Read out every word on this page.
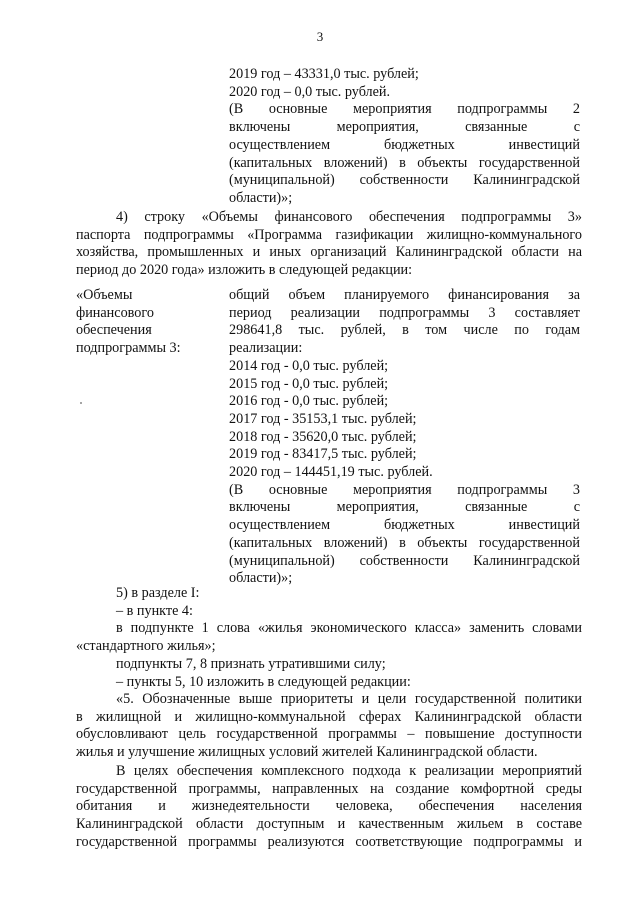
3
2019 год – 43331,0 тыс. рублей;
2020 год – 0,0 тыс. рублей.
(В основные мероприятия подпрограммы 2
включены мероприятия, связанные с
осуществлением бюджетных инвестиций
(капитальных вложений) в объекты государственной
(муниципальной) собственности Калининградской
области)»;
4) строку «Объемы финансового обеспечения подпрограммы 3»
паспорта подпрограммы «Программа газификации жилищно-коммунального
хозяйства, промышленных и иных организаций Калининградской области на
период до 2020 года» изложить в следующей редакции:
«Объемы
финансового
обеспечения
подпрограммы 3:
общий объем планируемого финансирования за
период реализации подпрограммы 3 составляет
298641,8 тыс. рублей, в том числе по годам
реализации:
2014 год - 0,0 тыс. рублей;
2015 год - 0,0 тыс. рублей;
2016 год - 0,0 тыс. рублей;
2017 год - 35153,1 тыс. рублей;
2018 год - 35620,0 тыс. рублей;
2019 год - 83417,5 тыс. рублей;
2020 год – 144451,19 тыс. рублей.
(В основные мероприятия подпрограммы 3
включены мероприятия, связанные с
осуществлением бюджетных инвестиций
(капитальных вложений) в объекты государственной
(муниципальной) собственности Калининградской
области)»;
5) в разделе I:
– в пункте 4:
в подпункте 1 слова «жилья экономического класса» заменить словами
«стандартного жилья»;
подпункты 7, 8 признать утратившими силу;
– пункты 5, 10 изложить в следующей редакции:
«5. Обозначенные выше приоритеты и цели государственной политики
в жилищной и жилищно-коммунальной сферах Калининградской области
обусловливают цель государственной программы – повышение доступности
жилья и улучшение жилищных условий жителей Калининградской области.
В целях обеспечения комплексного подхода к реализации мероприятий
государственной программы, направленных на создание комфортной среды
обитания и жизнедеятельности человека, обеспечения населения
Калининградской области доступным и качественным жильем в составе
государственной программы реализуются соответствующие подпрограммы и
